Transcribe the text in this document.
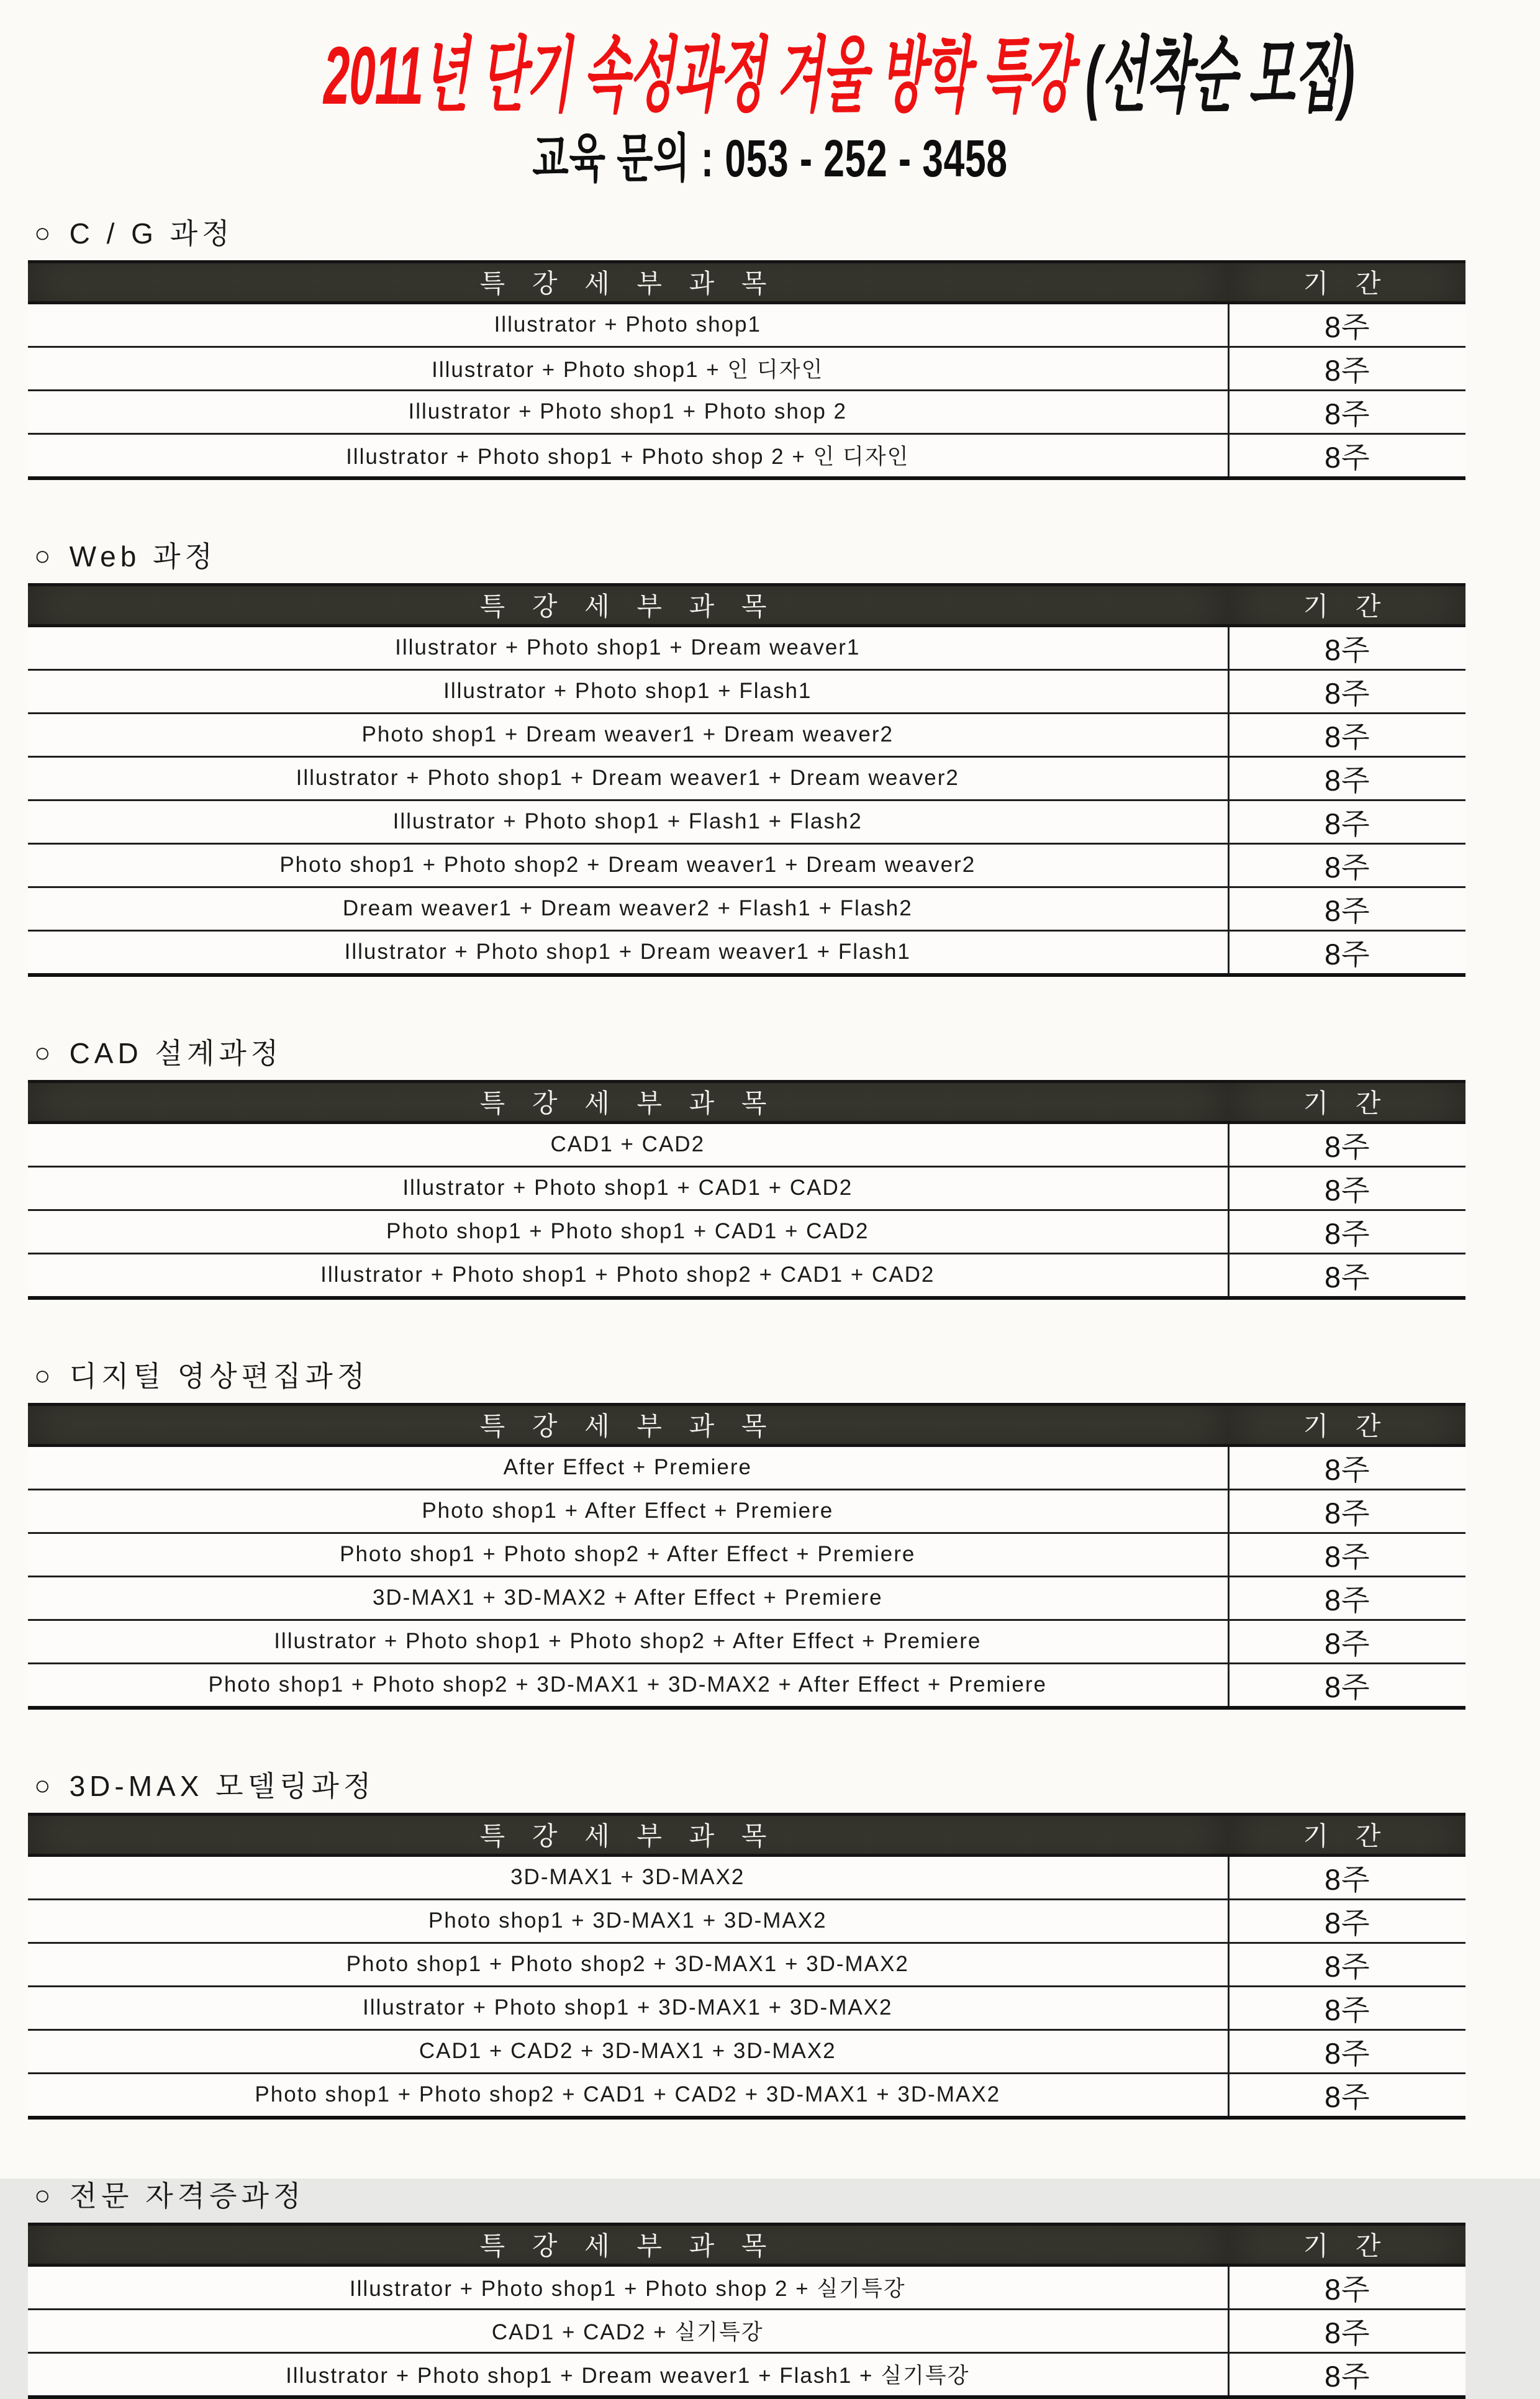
2011년 단기 속성과정 겨울 방학 특강 (선착순 모집)
교육 문의 : 053 - 252 - 3458
○ C / G 과정
특 강 세 부 과 목	기 간
Illustrator + Photo shop1	8주
Illustrator + Photo shop1 + 인 디자인	8주
Illustrator + Photo shop1 + Photo shop 2	8주
Illustrator + Photo shop1 + Photo shop 2 + 인 디자인	8주
○ Web 과정
특 강 세 부 과 목	기 간
Illustrator + Photo shop1 + Dream weaver1	8주
Illustrator + Photo shop1 + Flash1	8주
Photo shop1 + Dream weaver1 + Dream weaver2	8주
Illustrator + Photo shop1 + Dream weaver1 + Dream weaver2	8주
Illustrator + Photo shop1 + Flash1 + Flash2	8주
Photo shop1 + Photo shop2 + Dream weaver1 + Dream weaver2	8주
Dream weaver1 + Dream weaver2 + Flash1 + Flash2	8주
Illustrator + Photo shop1 + Dream weaver1 + Flash1	8주
○ CAD 설계과정
특 강 세 부 과 목	기 간
CAD1 + CAD2	8주
Illustrator + Photo shop1 + CAD1 + CAD2	8주
Photo shop1 + Photo shop1 + CAD1 + CAD2	8주
Illustrator + Photo shop1 + Photo shop2 + CAD1 + CAD2	8주
○ 디지털 영상편집과정
특 강 세 부 과 목	기 간
After Effect + Premiere	8주
Photo shop1 + After Effect + Premiere	8주
Photo shop1 + Photo shop2 + After Effect + Premiere	8주
3D-MAX1 + 3D-MAX2 + After Effect + Premiere	8주
Illustrator + Photo shop1 + Photo shop2 + After Effect + Premiere	8주
Photo shop1 + Photo shop2 + 3D-MAX1 + 3D-MAX2 + After Effect + Premiere	8주
○ 3D-MAX 모델링과정
특 강 세 부 과 목	기 간
3D-MAX1 + 3D-MAX2	8주
Photo shop1 + 3D-MAX1 + 3D-MAX2	8주
Photo shop1 + Photo shop2 + 3D-MAX1 + 3D-MAX2	8주
Illustrator + Photo shop1 + 3D-MAX1 + 3D-MAX2	8주
CAD1 + CAD2 + 3D-MAX1 + 3D-MAX2	8주
Photo shop1 + Photo shop2 + CAD1 + CAD2 + 3D-MAX1 + 3D-MAX2	8주
○ 전문 자격증과정
특 강 세 부 과 목	기 간
Illustrator + Photo shop1 + Photo shop 2 + 실기특강	8주
CAD1 + CAD2 + 실기특강	8주
Illustrator + Photo shop1 + Dream weaver1 + Flash1 + 실기특강	8주
